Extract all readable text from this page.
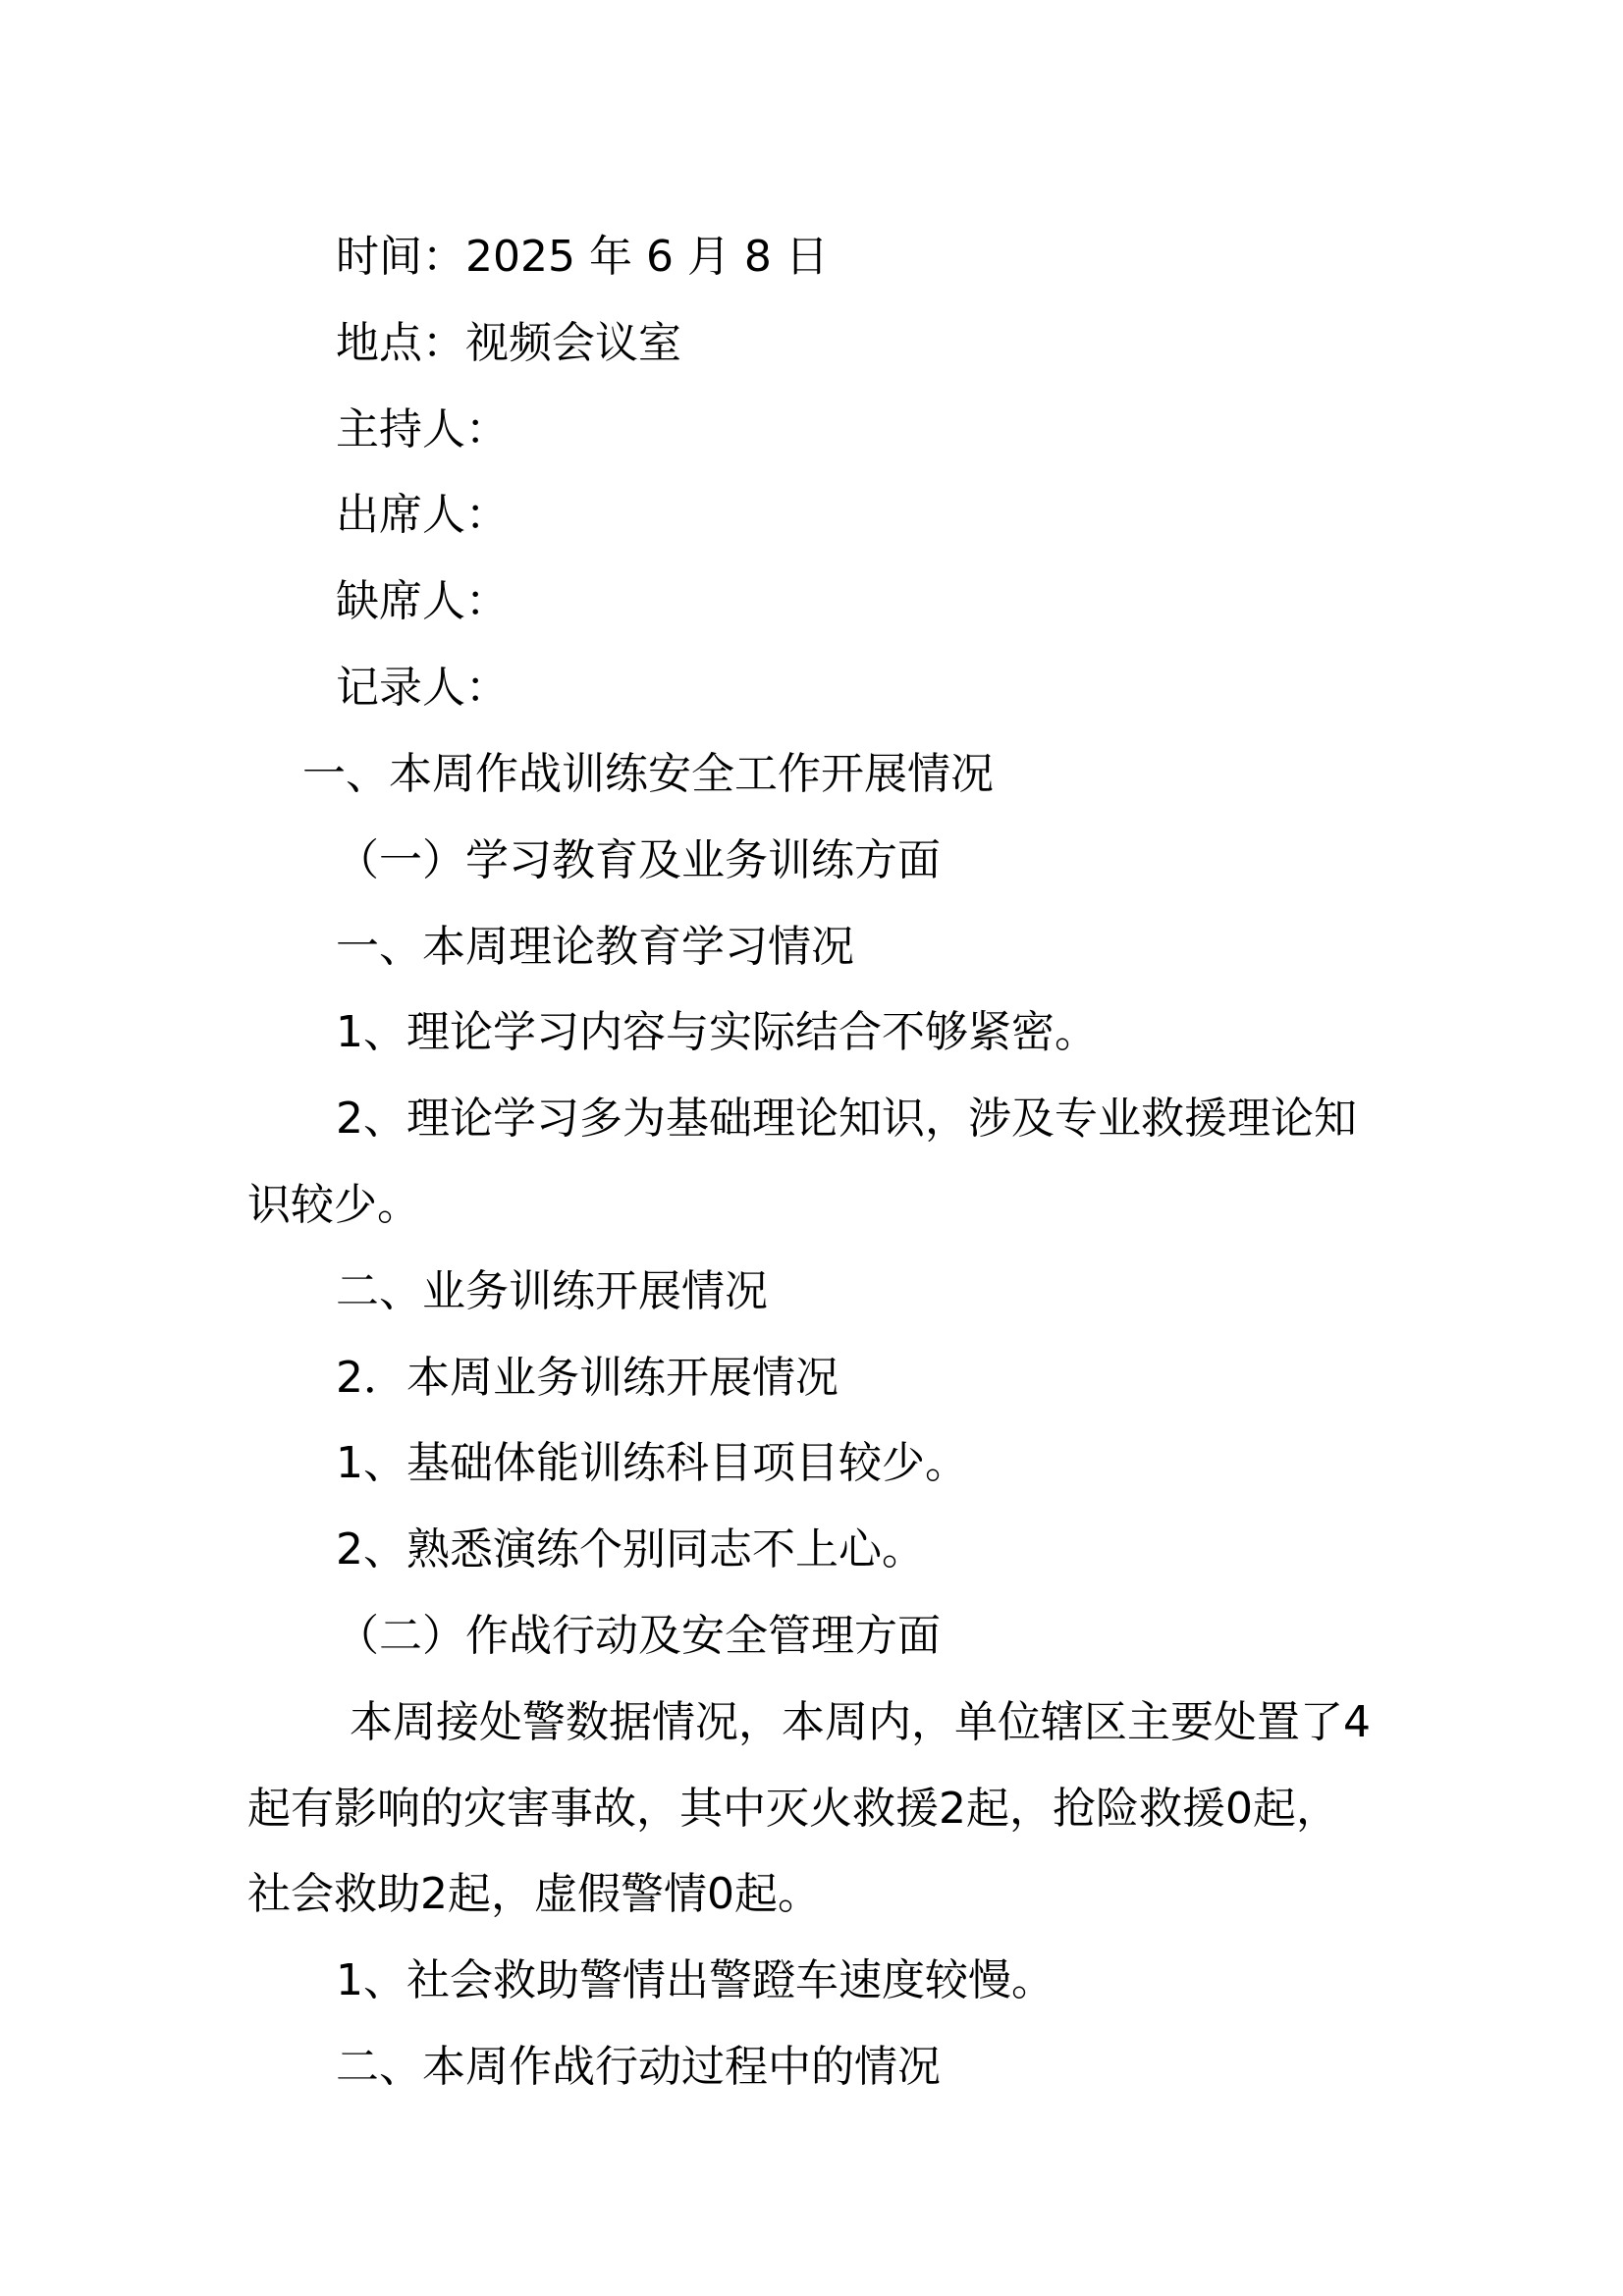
时间：2025 年 6 月 8 日
地点：视频会议室
主持人：
出席人：
缺席人：
记录人：
一、本周作战训练安全工作开展情况
（一）学习教育及业务训练方面
一、本周理论教育学习情况
1、理论学习内容与实际结合不够紧密。
2、理论学习多为基础理论知识，涉及专业救援理论知
识较少。
二、业务训练开展情况
2．本周业务训练开展情况
1、基础体能训练科目项目较少。
2、熟悉演练个别同志不上心。
（二）作战行动及安全管理方面
本周接处警数据情况，本周内，单位辖区主要处置了4
起有影响的灾害事故，其中灭火救援2起，抢险救援0起，
社会救助2起，虚假警情0起。
1、社会救助警情出警蹬车速度较慢。
二、本周作战行动过程中的情况
